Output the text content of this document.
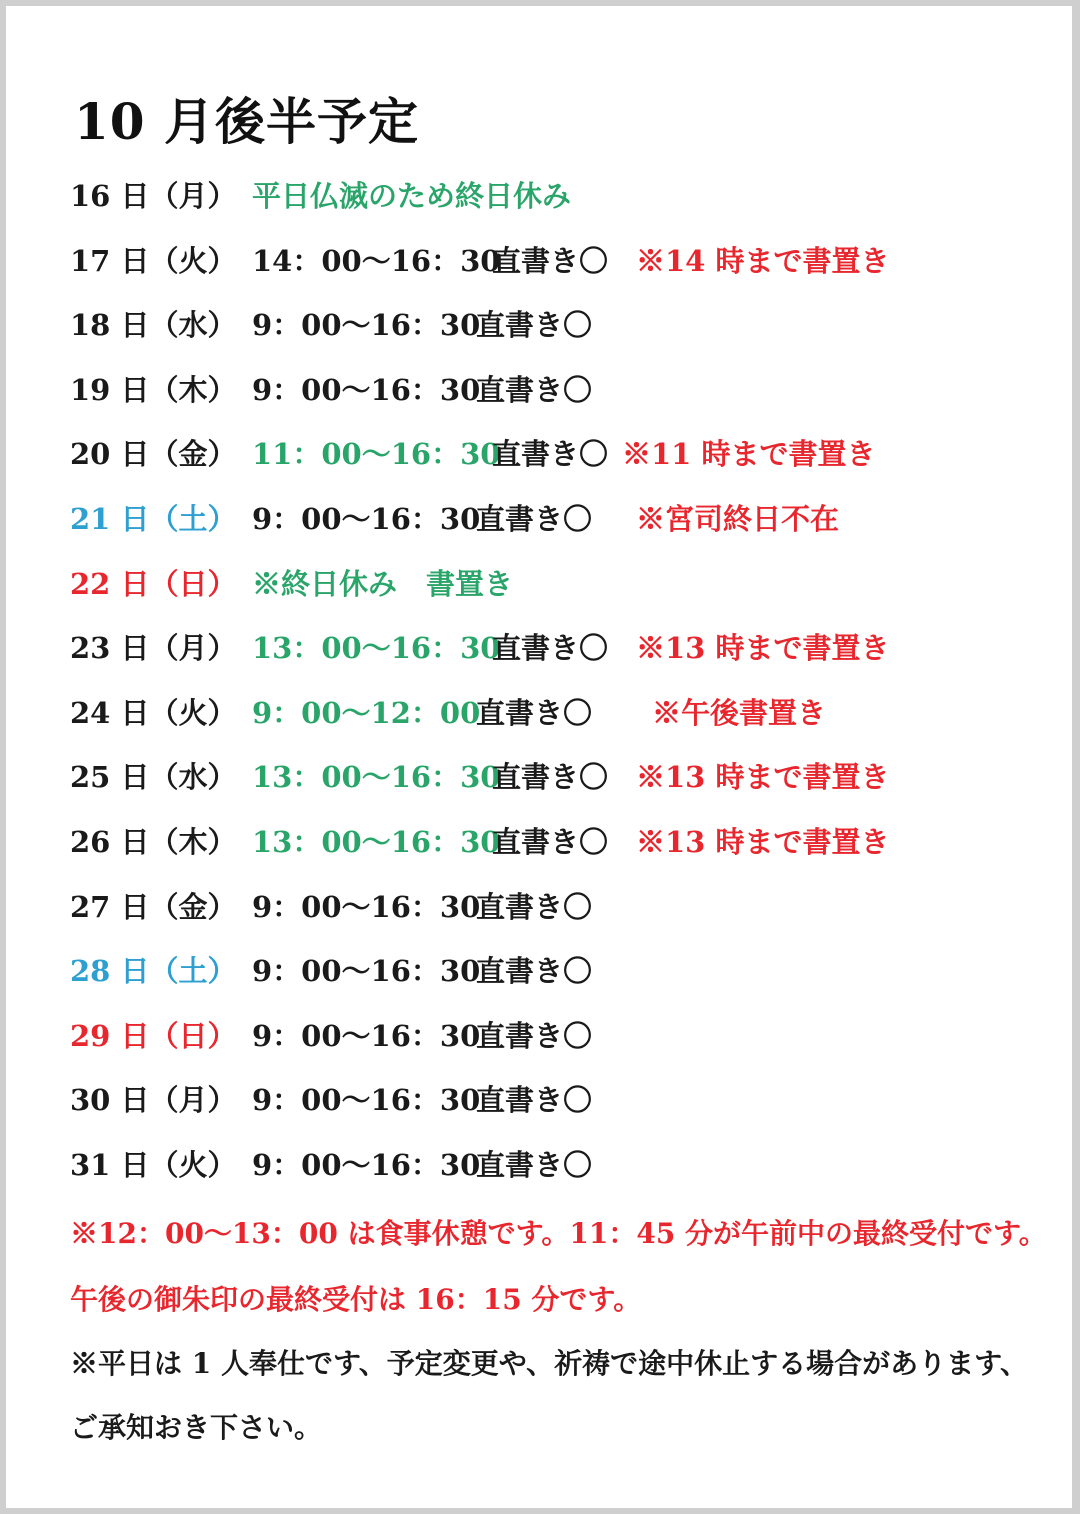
10 月後半予定
16 日（月） 平日仏滅のため終日休み
17 日（火） 14：00〜16：30
直書き〇 ※14 時まで書置き
18 日（水） 9：00〜16：30
直書き〇
19 日（木） 9：00〜16：30
直書き〇
20 日（金） 11：00〜16：30
直書き〇 ※11 時まで書置き
21 日（土） 9：00〜16：30
直書き〇 ※宮司終日不在
22 日（日） ※終日休み　書置き
23 日（月） 13：00〜16：30
直書き〇 ※13 時まで書置き
24 日（火） 9：00〜12：00
直書き〇 ※午後書置き
25 日（水） 13：00〜16：30
直書き〇 ※13 時まで書置き
26 日（木） 13：00〜16：30
直書き〇 ※13 時まで書置き
27 日（金） 9：00〜16：30
直書き〇
28 日（土） 9：00〜16：30
直書き〇
29 日（日） 9：00〜16：30
直書き〇
30 日（月） 9：00〜16：30
直書き〇
31 日（火） 9：00〜16：30
直書き〇
※12：00〜13：00 は食事休憩です。11：45 分が午前中の最終受付です。
午後の御朱印の最終受付は 16：15 分です。
※平日は 1 人奉仕です、予定変更や、祈祷で途中休止する場合があります、
ご承知おき下さい。
